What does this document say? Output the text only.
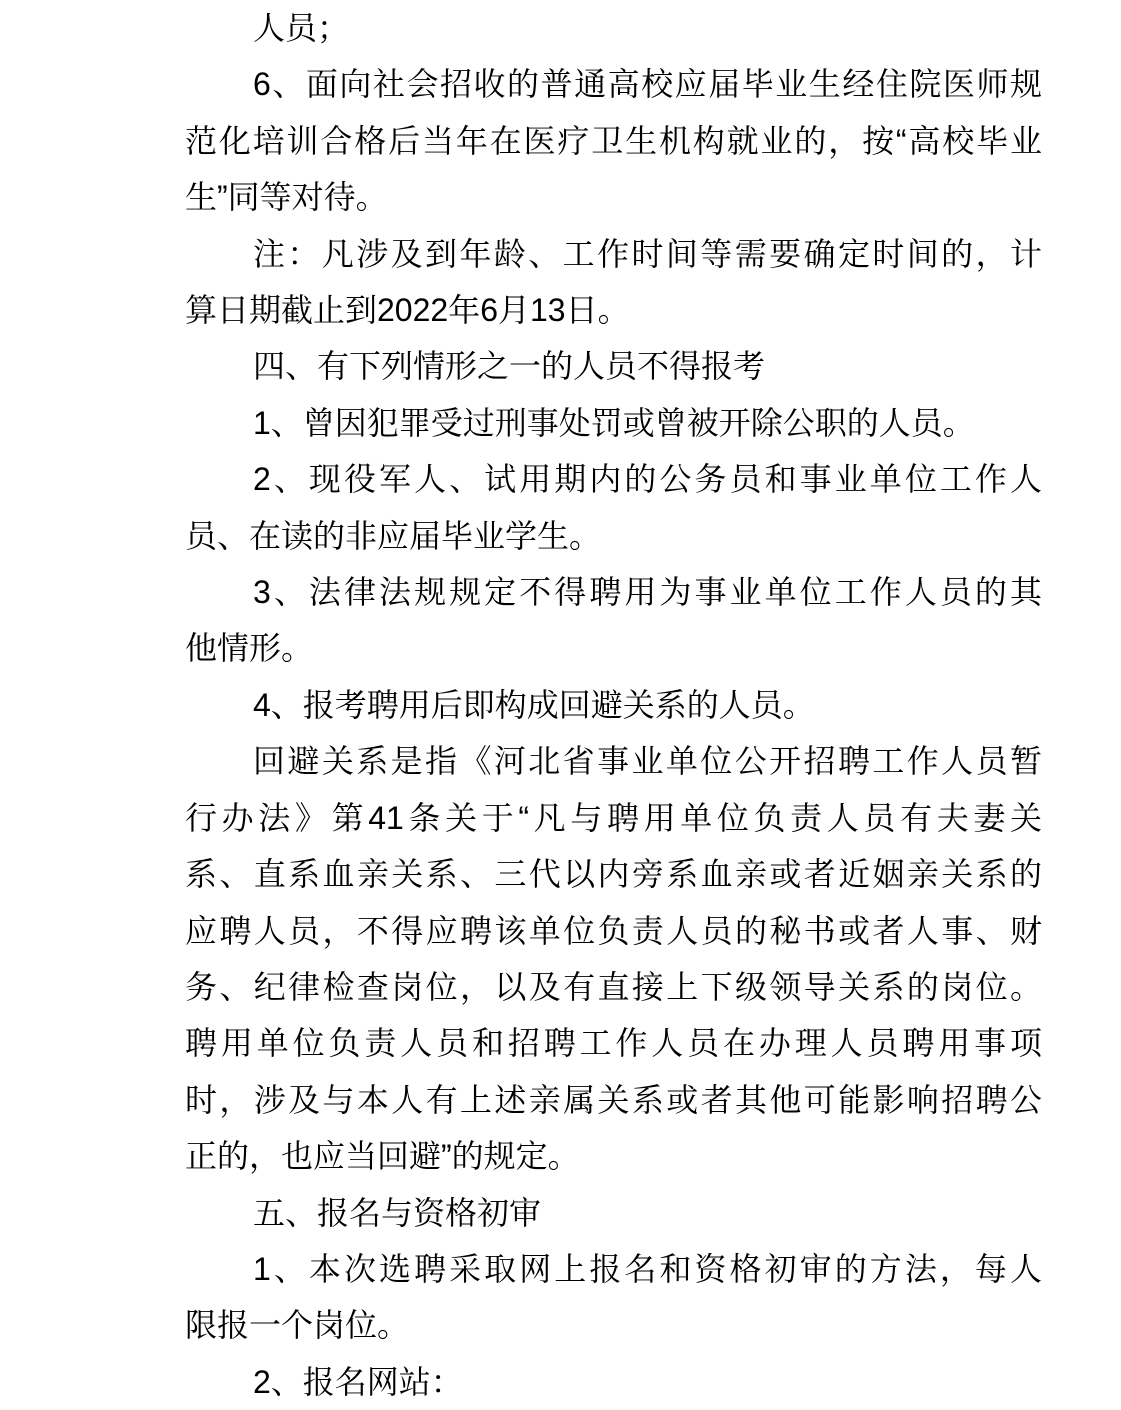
人员；
6、面向社会招收的普通高校应届毕业生经住院医师规
范化培训合格后当年在医疗卫生机构就业的，按“高校毕业
生”同等对待。
注：凡涉及到年龄、工作时间等需要确定时间的，计
算日期截止到2022年6月13日。
四、有下列情形之一的人员不得报考
1、曾因犯罪受过刑事处罚或曾被开除公职的人员。
2、现役军人、试用期内的公务员和事业单位工作人
员、在读的非应届毕业学生。
3、法律法规规定不得聘用为事业单位工作人员的其
他情形。
4、报考聘用后即构成回避关系的人员。
回避关系是指《河北省事业单位公开招聘工作人员暂
行办法》第41条关于“凡与聘用单位负责人员有夫妻关
系、直系血亲关系、三代以内旁系血亲或者近姻亲关系的
应聘人员，不得应聘该单位负责人员的秘书或者人事、财
务、纪律检查岗位，以及有直接上下级领导关系的岗位。
聘用单位负责人员和招聘工作人员在办理人员聘用事项
时，涉及与本人有上述亲属关系或者其他可能影响招聘公
正的，也应当回避”的规定。
五、报名与资格初审
1、本次选聘采取网上报名和资格初审的方法，每人
限报一个岗位。
2、报名网站：
